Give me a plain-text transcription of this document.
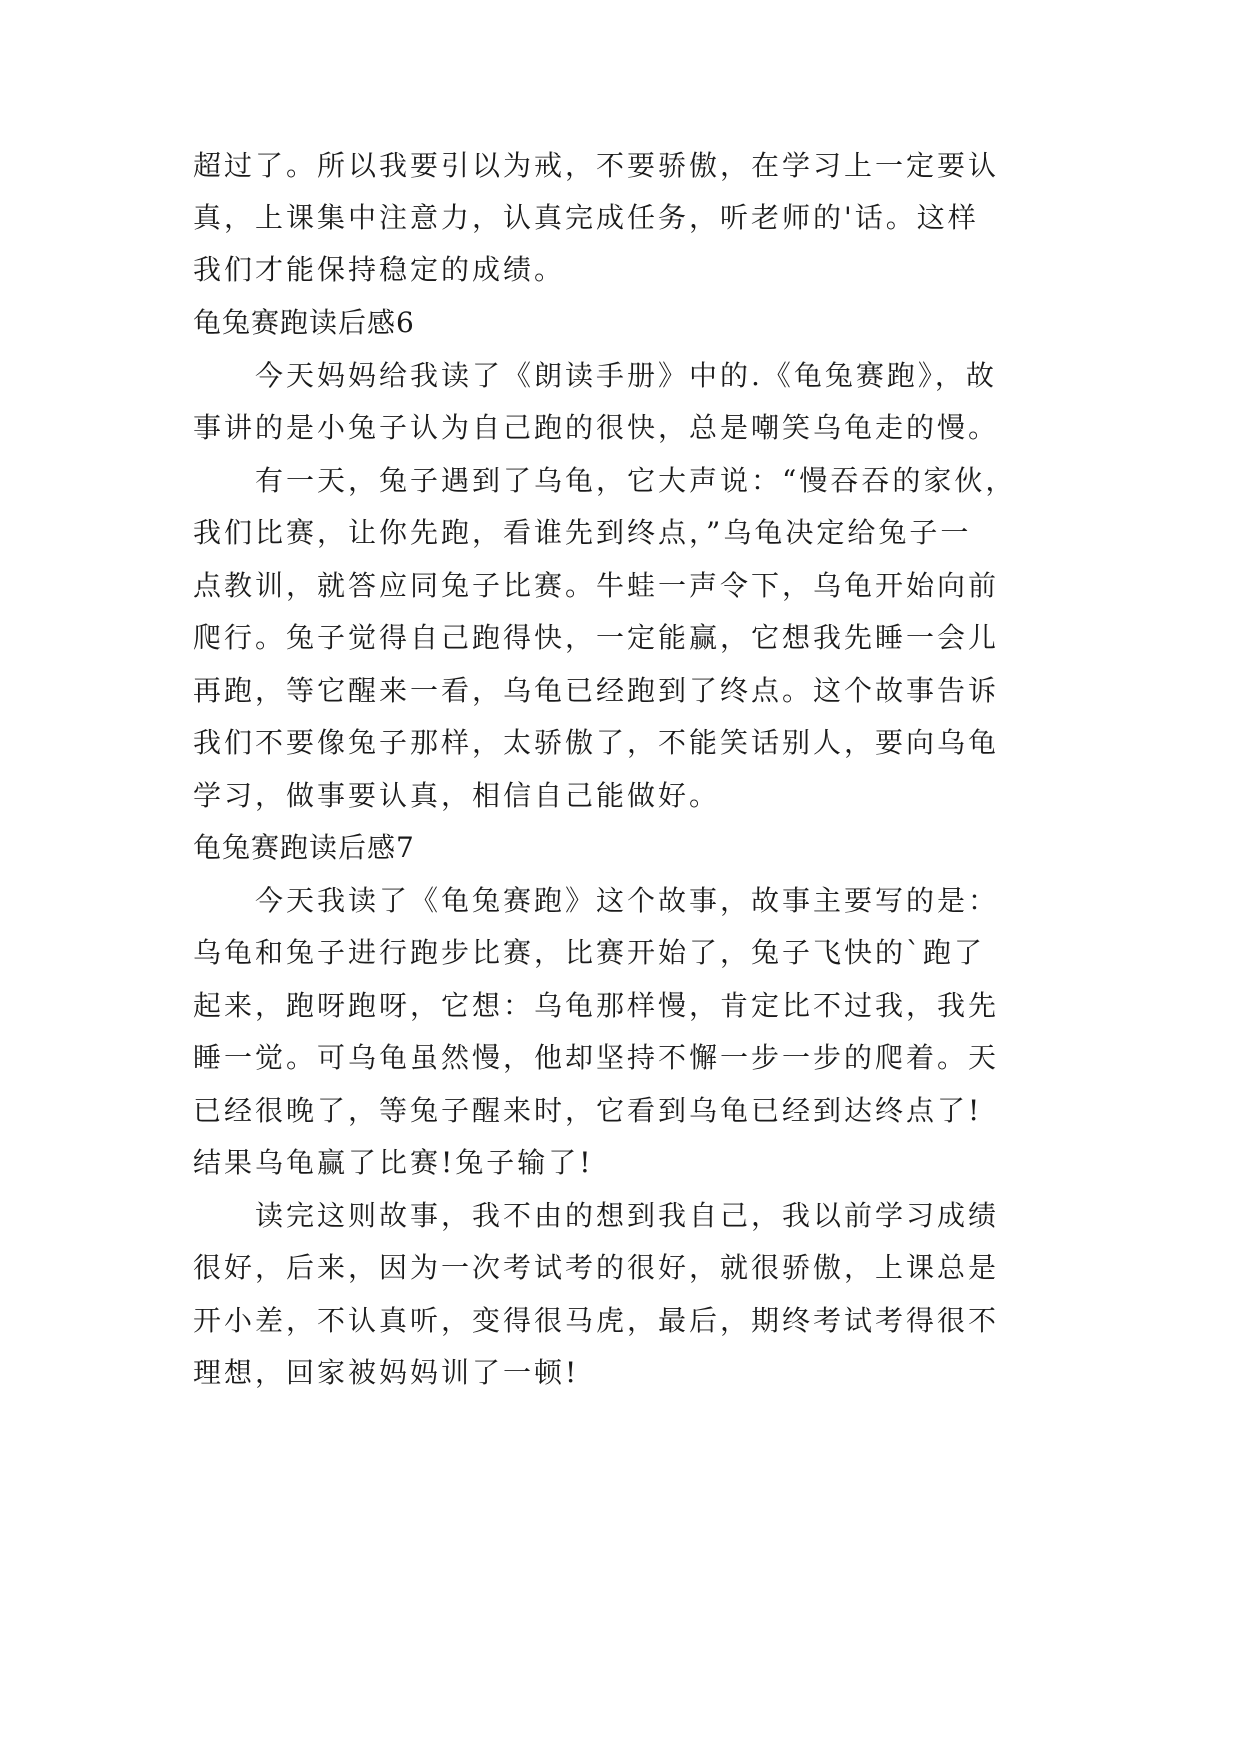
超过了。所以我要引以为戒，不要骄傲，在学习上一定要认
真，上课集中注意力，认真完成任务，听老师的'话。这样
我们才能保持稳定的成绩。
龟兔赛跑读后感6
今天妈妈给我读了《朗读手册》中的.《龟兔赛跑》，故
事讲的是小兔子认为自己跑的很快，总是嘲笑乌龟走的慢。
有一天，兔子遇到了乌龟，它大声说：“慢吞吞的家伙，
我们比赛，让你先跑，看谁先到终点，”乌龟决定给兔子一
点教训，就答应同兔子比赛。牛蛙一声令下，乌龟开始向前
爬行。兔子觉得自己跑得快，一定能赢，它想我先睡一会儿
再跑，等它醒来一看，乌龟已经跑到了终点。这个故事告诉
我们不要像兔子那样，太骄傲了，不能笑话别人，要向乌龟
学习，做事要认真，相信自己能做好。
龟兔赛跑读后感7
今天我读了《龟兔赛跑》这个故事，故事主要写的是：
乌龟和兔子进行跑步比赛，比赛开始了，兔子飞快的`跑了
起来，跑呀跑呀，它想：乌龟那样慢，肯定比不过我，我先
睡一觉。可乌龟虽然慢，他却坚持不懈一步一步的爬着。天
已经很晚了，等兔子醒来时，它看到乌龟已经到达终点了!
结果乌龟赢了比赛!兔子输了!
读完这则故事，我不由的想到我自己，我以前学习成绩
很好，后来，因为一次考试考的很好，就很骄傲，上课总是
开小差，不认真听，变得很马虎，最后，期终考试考得很不
理想，回家被妈妈训了一顿!
